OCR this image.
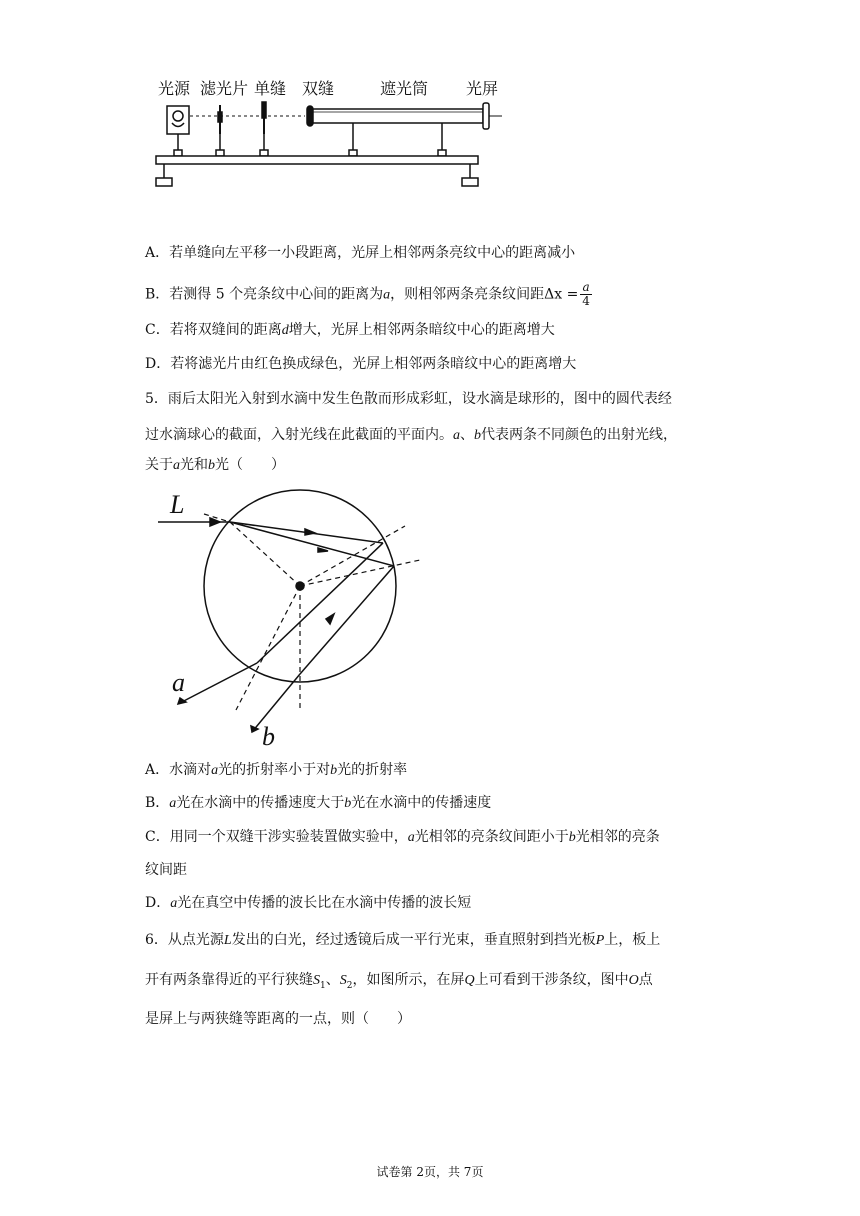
光源 滤光片 单缝 双缝	遮光筒 光屏
A．若单缝向左平移一小段距离，光屏上相邻两条亮纹中心的距离减小
B．若测得 5 个亮条纹中心间的距离为a，则相邻两条亮条纹间距$\Delta x = \frac{a}{4}$
C．若将双缝间的距离d增大，光屏上相邻两条暗纹中心的距离增大
D．若将滤光片由红色换成绿色，光屏上相邻两条暗纹中心的距离增大
5．雨后太阳光入射到水滴中发生色散而形成彩虹，设水滴是球形的，图中的圆代表经
过水滴球心的截面，入射光线在此截面的平面内。a、b代表两条不同颜色的出射光线，
关于a光和b光（　　）
L
a
b
A．水滴对a光的折射率小于对b光的折射率
B．a光在水滴中的传播速度大于b光在水滴中的传播速度
C．用同一个双缝干涉实验装置做实验中，a光相邻的亮条纹间距小于b光相邻的亮条
纹间距
D．a光在真空中传播的波长比在水滴中传播的波长短
6．从点光源L发出的白光，经过透镜后成一平行光束，垂直照射到挡光板P上，板上
开有两条靠得近的平行狭缝$S_1$、$S_2$，如图所示，在屏Q上可看到干涉条纹，图中O点
是屏上与两狭缝等距离的一点，则（　　）
试卷第 2页，共 7页
